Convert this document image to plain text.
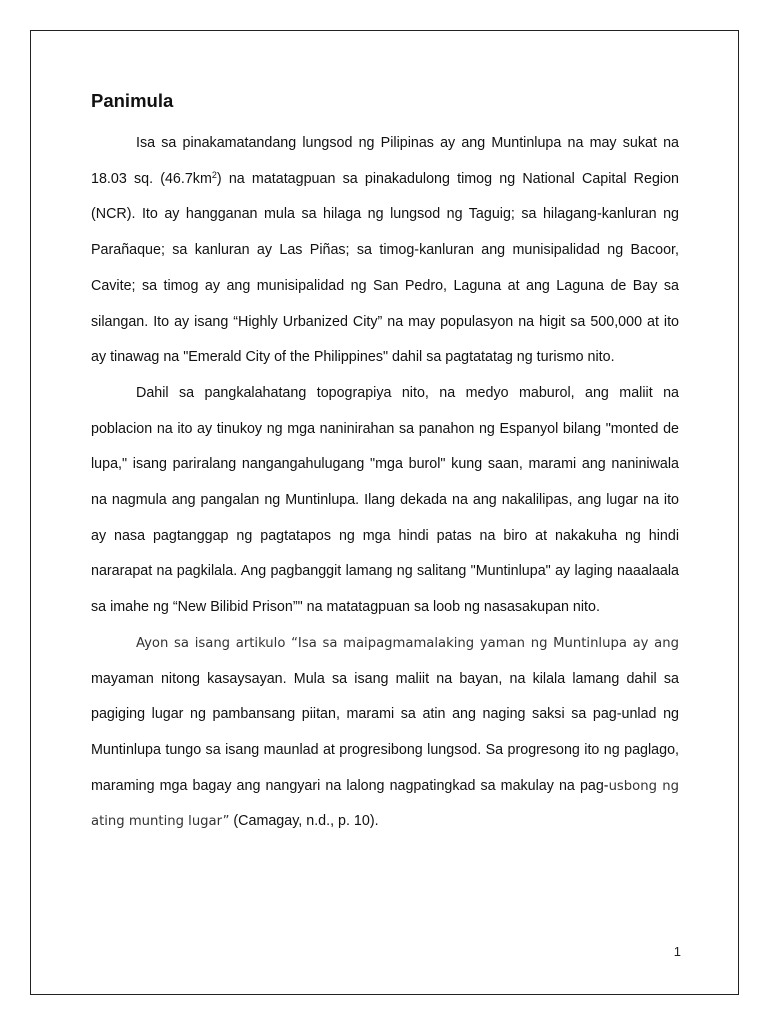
Panimula

Isa sa pinakamatandang lungsod ng Pilipinas ay ang Muntinlupa na may sukat na 18.03 sq. $(46.7km^2)$ na matatagpuan sa pinakadulong timog ng National Capital Region (NCR). Ito ay hangganan mula sa hilaga ng lungsod ng Taguig; sa hilagang-kanluran ng Parañaque; sa kanluran ay Las Piñas; sa timog-kanluran ang munisipalidad ng Bacoor, Cavite; sa timog ay ang munisipalidad ng San Pedro, Laguna at ang Laguna de Bay sa silangan. Ito ay isang “Highly Urbanized City” na may populasyon na higit sa 500,000 at ito ay tinawag na "Emerald City of the Philippines" dahil sa pagtatatag ng turismo nito.

Dahil sa pangkalahatang topograpiya nito, na medyo maburol, ang maliit na poblacion na ito ay tinukoy ng mga naninirahan sa panahon ng Espanyol bilang "monted de lupa," isang pariralang nangangahulugang "mga burol" kung saan, marami ang naniniwala na nagmula ang pangalan ng Muntinlupa. Ilang dekada na ang nakalilipas, ang lugar na ito ay nasa pagtanggap ng pagtatapos ng mga hindi patas na biro at nakakuha ng hindi nararapat na pagkilala. Ang pagbanggit lamang ng salitang "Muntinlupa" ay laging naaalaala sa imahe ng “New Bilibid Prison”" na matatagpuan sa loob ng nasasakupan nito.

Ayon sa isang artikulo “Isa sa maipagmamalaking yaman ng Muntinlupa ay ang mayaman nitong kasaysayan. Mula sa isang maliit na bayan, na kilala lamang dahil sa pagiging lugar ng pambansang piitan, marami sa atin ang naging saksi sa pag-unlad ng Muntinlupa tungo sa isang maunlad at progresibong lungsod. Sa progresong ito ng paglago, maraming mga bagay ang nangyari na lalong nagpatingkad sa makulay na pag-usbong ng ating munting lugar” (Camagay, n.d., p. 10).

1
